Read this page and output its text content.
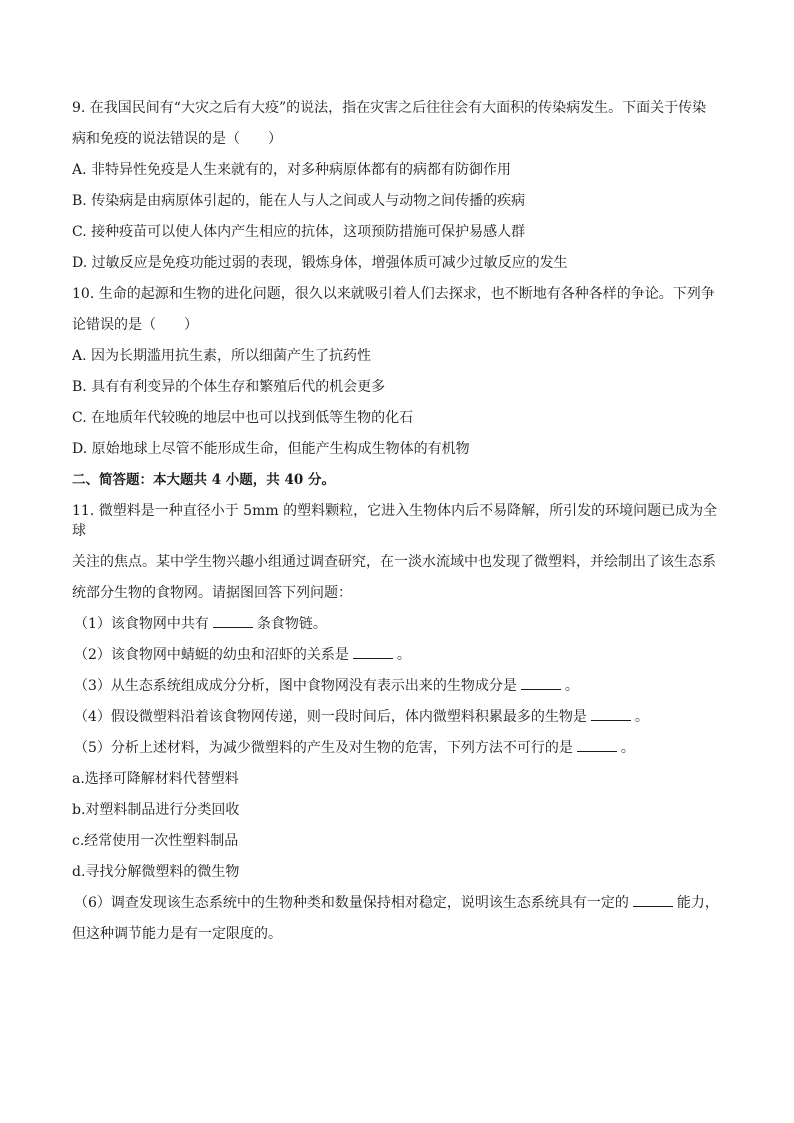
9. 在我国民间有“大灾之后有大疫”的说法，指在灾害之后往往会有大面积的传染病发生。下面关于传染
病和免疫的说法错误的是（　　）
A. 非特异性免疫是人生来就有的，对多种病原体都有的病都有防御作用
B. 传染病是由病原体引起的，能在人与人之间或人与动物之间传播的疾病
C. 接种疫苗可以使人体内产生相应的抗体，这项预防措施可保护易感人群
D. 过敏反应是免疫功能过弱的表现，锻炼身体，增强体质可减少过敏反应的发生
10. 生命的起源和生物的进化问题，很久以来就吸引着人们去探求，也不断地有各种各样的争论。下列争
论错误的是（　　）
A. 因为长期滥用抗生素，所以细菌产生了抗药性
B. 具有有利变异的个体生存和繁殖后代的机会更多
C. 在地质年代较晚的地层中也可以找到低等生物的化石
D. 原始地球上尽管不能形成生命，但能产生构成生物体的有机物
二、简答题：本大题共 4 小题，共 40 分。
11. 微塑料是一种直径小于 5mm 的塑料颗粒，它进入生物体内后不易降解，所引发的环境问题已成为全球
关注的焦点。某中学生物兴趣小组通过调查研究，在一淡水流域中也发现了微塑料，并绘制出了该生态系
统部分生物的食物网。请据图回答下列问题：
（1）该食物网中共有	条食物链。
（2）该食物网中蜻蜓的幼虫和沼虾的关系是	。
（3）从生态系统组成成分分析，图中食物网没有表示出来的生物成分是	。
（4）假设微塑料沿着该食物网传递，则一段时间后，体内微塑料积累最多的生物是	。
（5）分析上述材料，为减少微塑料的产生及对生物的危害，下列方法不可行的是	。
a.选择可降解材料代替塑料
b.对塑料制品进行分类回收
c.经常使用一次性塑料制品
d.寻找分解微塑料的微生物
（6）调查发现该生态系统中的生物种类和数量保持相对稳定，说明该生态系统具有一定的	能力，
但这种调节能力是有一定限度的。
